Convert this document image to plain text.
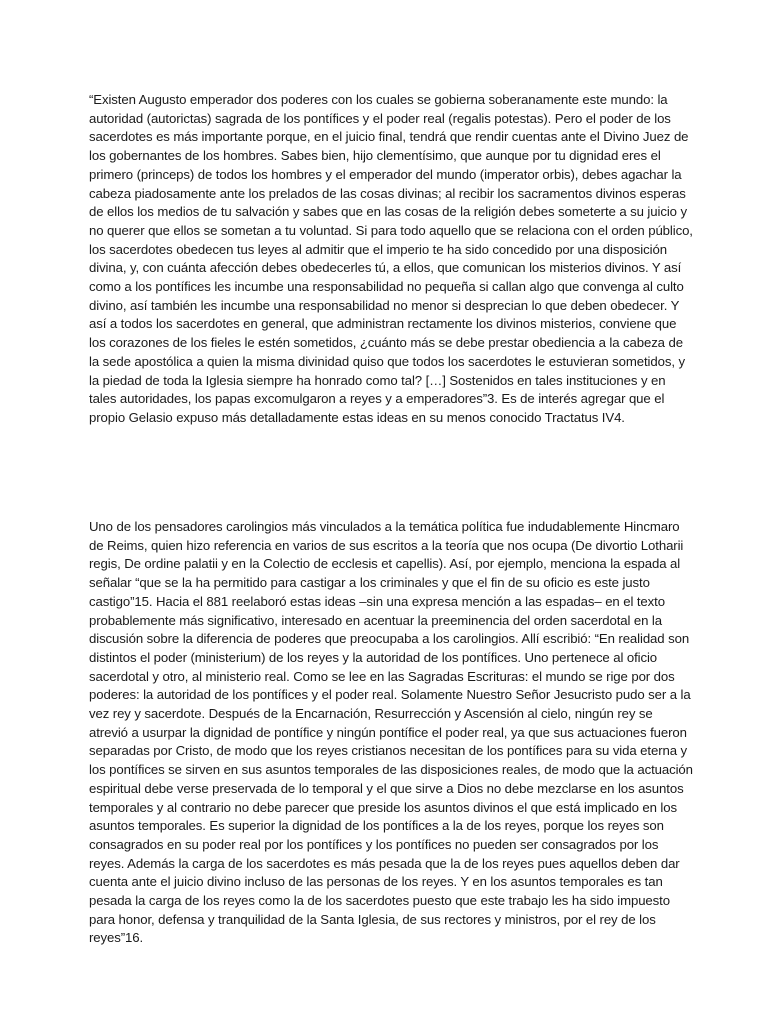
“Existen Augusto emperador dos poderes con los cuales se gobierna soberanamente este mundo: la autoridad (autorictas) sagrada de los pontífices y el poder real (regalis potestas). Pero el poder de los sacerdotes es más importante porque, en el juicio final, tendrá que rendir cuentas ante el Divino Juez de los gobernantes de los hombres. Sabes bien, hijo clementísimo, que aunque por tu dignidad eres el primero (princeps) de todos los hombres y el emperador del mundo (imperator orbis), debes agachar la cabeza piadosamente ante los prelados de las cosas divinas; al recibir los sacramentos divinos esperas de ellos los medios de tu salvación y sabes que en las cosas de la religión debes someterte a su juicio y no querer que ellos se sometan a tu voluntad. Si para todo aquello que se relaciona con el orden público, los sacerdotes obedecen tus leyes al admitir que el imperio te ha sido concedido por una disposición divina, y, con cuánta afección debes obedecerles tú, a ellos, que comunican los misterios divinos. Y así como a los pontífices les incumbe una responsabilidad no pequeña si callan algo que convenga al culto divino, así también les incumbe una responsabilidad no menor si desprecian lo que deben obedecer. Y así a todos los sacerdotes en general, que administran rectamente los divinos misterios, conviene que los corazones de los fieles le estén sometidos, ¿cuánto más se debe prestar obediencia a la cabeza de la sede apostólica a quien la misma divinidad quiso que todos los sacerdotes le estuvieran sometidos, y la piedad de toda la Iglesia siempre ha honrado como tal? […] Sostenidos en tales instituciones y en tales autoridades, los papas excomulgaron a reyes y a emperadores”3. Es de interés agregar que el propio Gelasio expuso más detalladamente estas ideas en su menos conocido Tractatus IV4.

Uno de los pensadores carolingios más vinculados a la temática política fue indudablemente Hincmaro de Reims, quien hizo referencia en varios de sus escritos a la teoría que nos ocupa (De divortio Lotharii regis, De ordine palatii y en la Colectio de ecclesis et capellis). Así, por ejemplo, menciona la espada al señalar “que se la ha permitido para castigar a los criminales y que el fin de su oficio es este justo castigo”15. Hacia el 881 reelaboró estas ideas –sin una expresa mención a las espadas– en el texto probablemente más significativo, interesado en acentuar la preeminencia del orden sacerdotal en la discusión sobre la diferencia de poderes que preocupaba a los carolingios. Allí escribió: “En realidad son distintos el poder (ministerium) de los reyes y la autoridad de los pontífices. Uno pertenece al oficio sacerdotal y otro, al ministerio real. Como se lee en las Sagradas Escrituras: el mundo se rige por dos poderes: la autoridad de los pontífices y el poder real. Solamente Nuestro Señor Jesucristo pudo ser a la vez rey y sacerdote. Después de la Encarnación, Resurrección y Ascensión al cielo, ningún rey se atrevió a usurpar la dignidad de pontífice y ningún pontífice el poder real, ya que sus actuaciones fueron separadas por Cristo, de modo que los reyes cristianos necesitan de los pontífices para su vida eterna y los pontífices se sirven en sus asuntos temporales de las disposiciones reales, de modo que la actuación espiritual debe verse preservada de lo temporal y el que sirve a Dios no debe mezclarse en los asuntos temporales y al contrario no debe parecer que preside los asuntos divinos el que está implicado en los asuntos temporales. Es superior la dignidad de los pontífices a la de los reyes, porque los reyes son consagrados en su poder real por los pontífices y los pontífices no pueden ser consagrados por los reyes. Además la carga de los sacerdotes es más pesada que la de los reyes pues aquellos deben dar cuenta ante el juicio divino incluso de las personas de los reyes. Y en los asuntos temporales es tan pesada la carga de los reyes como la de los sacerdotes puesto que este trabajo les ha sido impuesto para honor, defensa y tranquilidad de la Santa Iglesia, de sus rectores y ministros, por el rey de los reyes”16.
